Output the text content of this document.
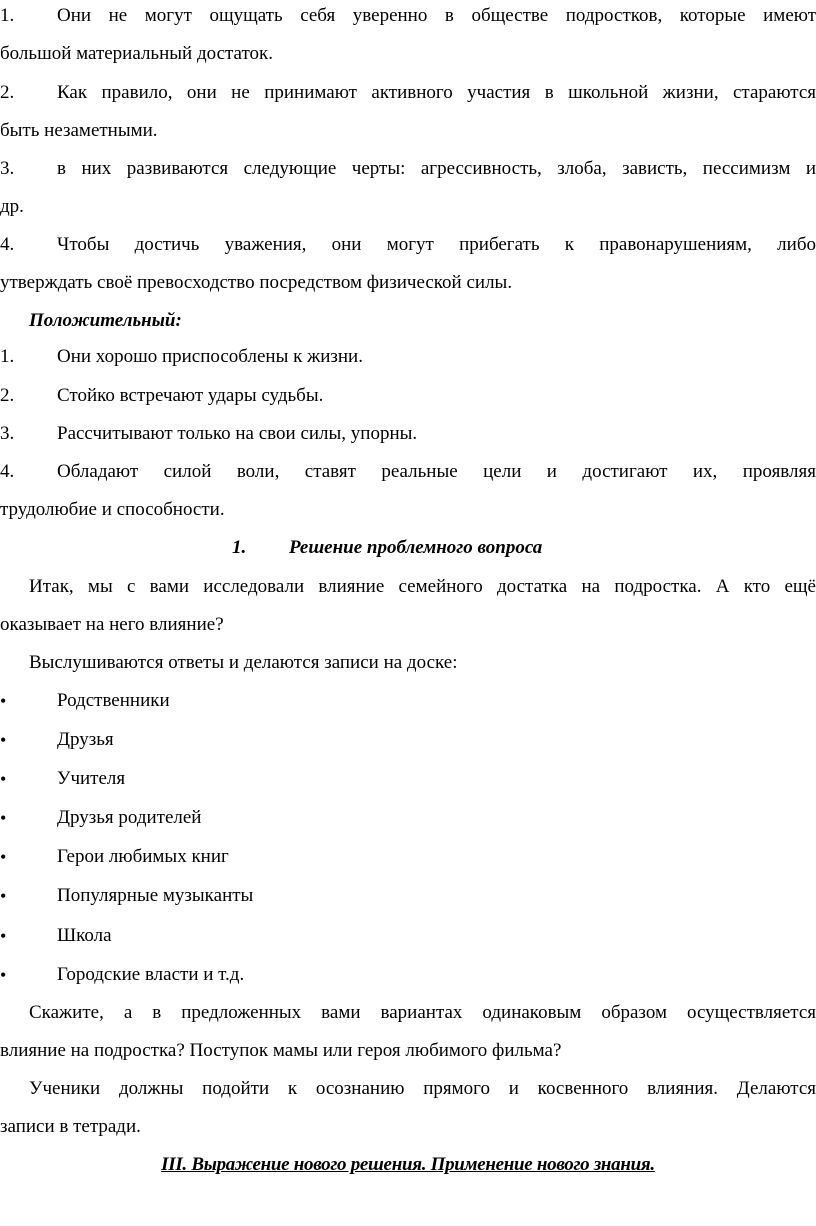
1. Они не могут ощущать себя уверенно в обществе подростков, которые имеют
большой материальный достаток.
2. Как правило, они не принимают активного участия в школьной жизни, стараются
быть незаметными.
3. в них развиваются следующие черты: агрессивность, злоба, зависть, пессимизм и
др.
4. Чтобы достичь уважения, они могут прибегать к правонарушениям, либо
утверждать своё превосходство посредством физической силы.
Положительный:
1. Они хорошо приспособлены к жизни.
2. Стойко встречают удары судьбы.
3. Рассчитывают только на свои силы, упорны.
4. Обладают силой воли, ставят реальные цели и достигают их, проявляя
трудолюбие и способности.
1. Решение проблемного вопроса
Итак, мы с вами исследовали влияние семейного достатка на подростка. А кто ещё
оказывает на него влияние?
Выслушиваются ответы и делаются записи на доске:
•	Родственники
•	Друзья
•	Учителя
•	Друзья родителей
•	Герои любимых книг
•	Популярные музыканты
•	Школа
•	Городские власти и т.д.
Скажите, а в предложенных вами вариантах одинаковым образом осуществляется
влияние на подростка? Поступок мамы или героя любимого фильма?
Ученики должны подойти к осознанию прямого и косвенного влияния. Делаются
записи в тетради.
III. Выражение нового решения. Применение нового знания.
